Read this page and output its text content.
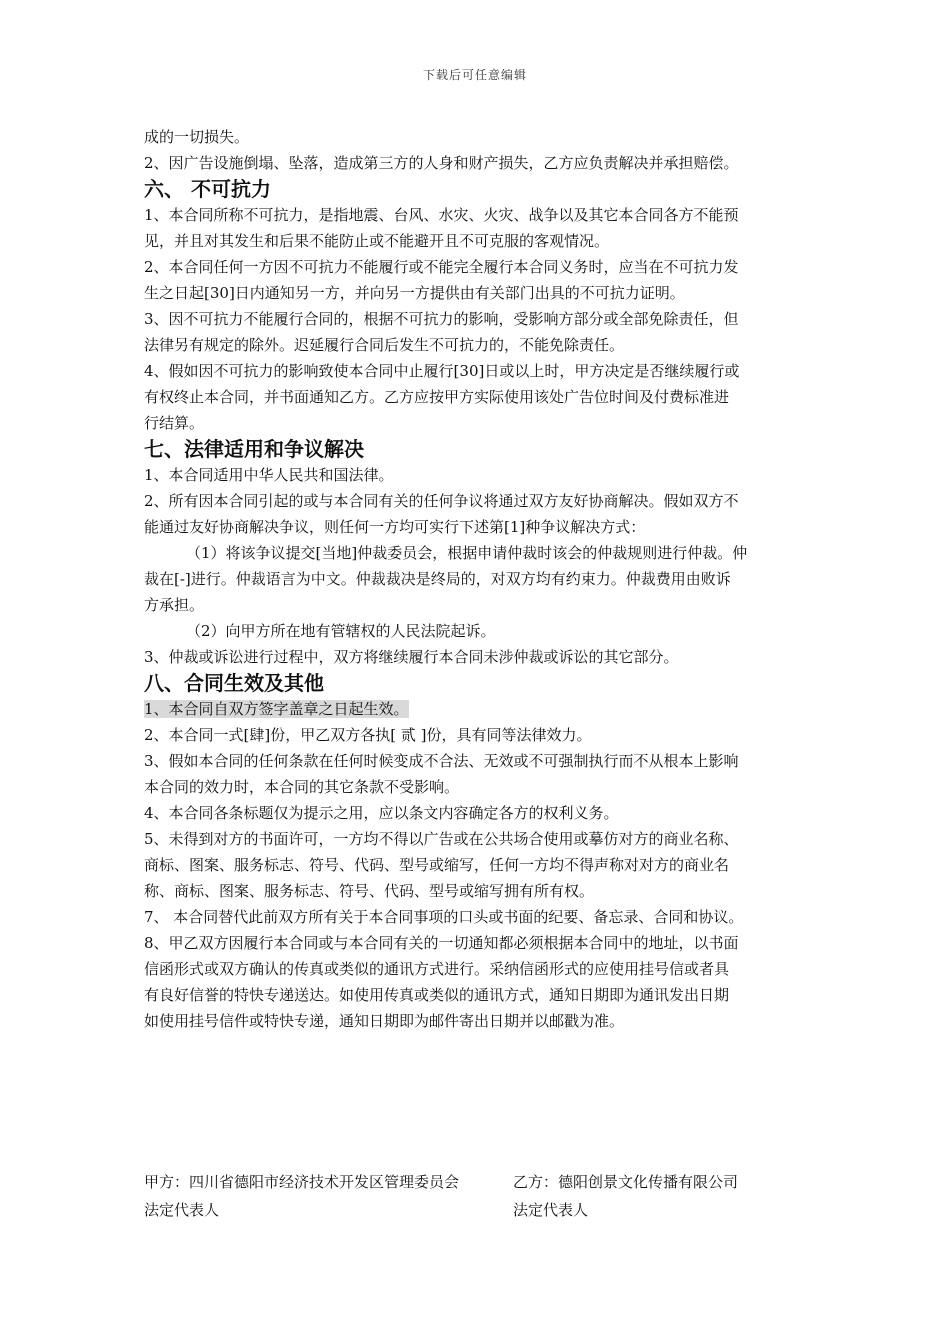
下载后可任意编辑
成的一切损失。
2、因广告设施倒塌、坠落，造成第三方的人身和财产损失，乙方应负责解决并承担赔偿。
六、 不可抗力
1、本合同所称不可抗力，是指地震、台风、水灾、火灾、战争以及其它本合同各方不能预
见，并且对其发生和后果不能防止或不能避开且不可克服的客观情况。
2、本合同任何一方因不可抗力不能履行或不能完全履行本合同义务时，应当在不可抗力发
生之日起[30]日内通知另一方，并向另一方提供由有关部门出具的不可抗力证明。
3、因不可抗力不能履行合同的，根据不可抗力的影响，受影响方部分或全部免除责任，但
法律另有规定的除外。迟延履行合同后发生不可抗力的，不能免除责任。
4、假如因不可抗力的影响致使本合同中止履行[30]日或以上时，甲方决定是否继续履行或
有权终止本合同，并书面通知乙方。乙方应按甲方实际使用该处广告位时间及付费标准进
行结算。
七、法律适用和争议解决
1、本合同适用中华人民共和国法律。
2、所有因本合同引起的或与本合同有关的任何争议将通过双方友好协商解决。假如双方不
能通过友好协商解决争议，则任何一方均可实行下述第[1]种争议解决方式：
（1）将该争议提交[当地]仲裁委员会，根据申请仲裁时该会的仲裁规则进行仲裁。仲
裁在[-]进行。仲裁语言为中文。仲裁裁决是终局的，对双方均有约束力。仲裁费用由败诉
方承担。
（2）向甲方所在地有管辖权的人民法院起诉。
3、仲裁或诉讼进行过程中，双方将继续履行本合同未涉仲裁或诉讼的其它部分。
八、合同生效及其他
1、本合同自双方签字盖章之日起生效。
2、本合同一式[肆]份，甲乙双方各执[ 贰 ]份，具有同等法律效力。
3、假如本合同的任何条款在任何时候变成不合法、无效或不可强制执行而不从根本上影响
本合同的效力时，本合同的其它条款不受影响。
4、本合同各条标题仅为提示之用，应以条文内容确定各方的权利义务。
5、未得到对方的书面许可，一方均不得以广告或在公共场合使用或摹仿对方的商业名称、
商标、图案、服务标志、符号、代码、型号或缩写，任何一方均不得声称对对方的商业名
称、商标、图案、服务标志、符号、代码、型号或缩写拥有所有权。
7、 本合同替代此前双方所有关于本合同事项的口头或书面的纪要、备忘录、合同和协议。
8、甲乙双方因履行本合同或与本合同有关的一切通知都必须根据本合同中的地址，以书面
信函形式或双方确认的传真或类似的通讯方式进行。采纳信函形式的应使用挂号信或者具
有良好信誉的特快专递送达。如使用传真或类似的通讯方式，通知日期即为通讯发出日期
如使用挂号信件或特快专递，通知日期即为邮件寄出日期并以邮戳为准。
甲方：四川省德阳市经济技术开发区管理委员会
法定代表人
乙方：德阳创景文化传播有限公司
法定代表人
